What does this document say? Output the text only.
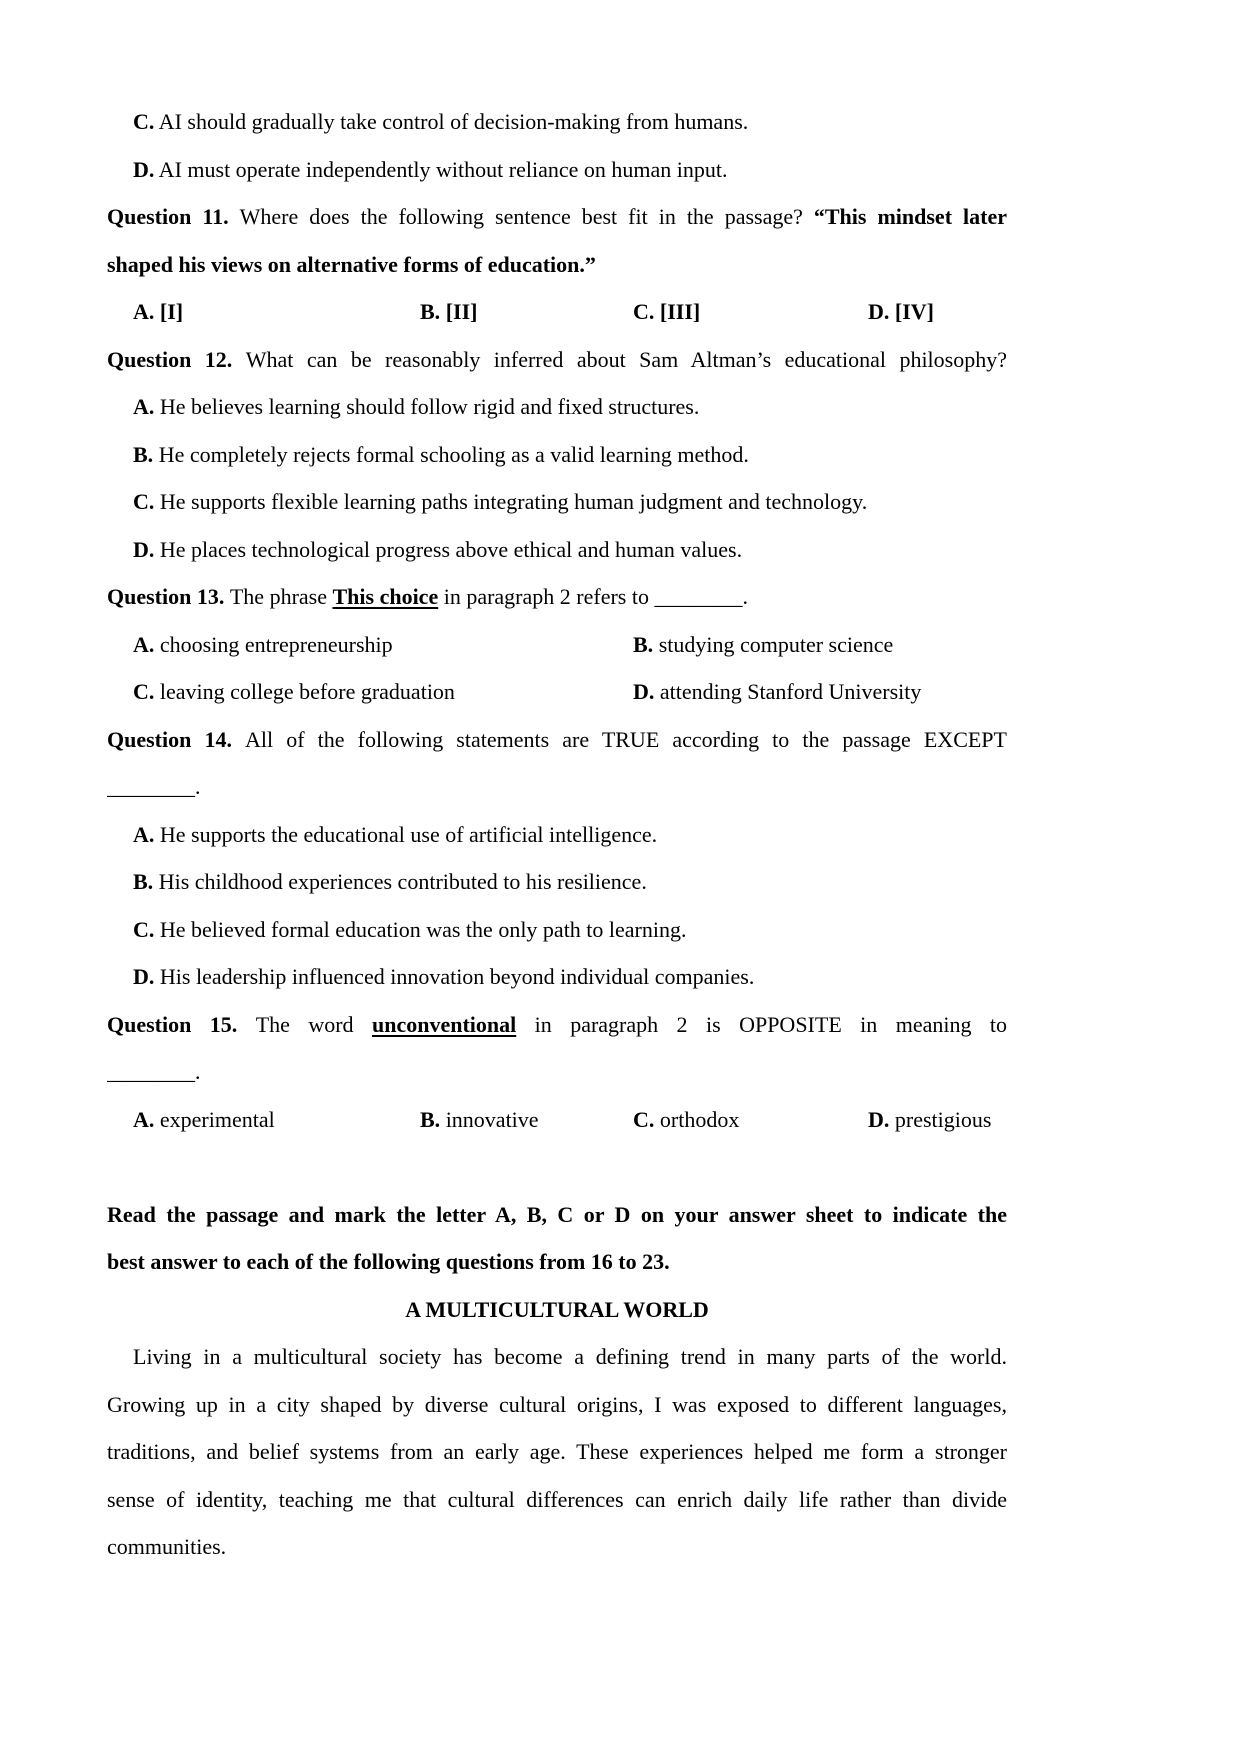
C. AI should gradually take control of decision-making from humans.
D. AI must operate independently without reliance on human input.
Question 11. Where does the following sentence best fit in the passage? “This mindset later
shaped his views on alternative forms of education.”
A. [I]	B. [II]	C. [III]	D. [IV]
Question 12. What can be reasonably inferred about Sam Altman’s educational philosophy?
A. He believes learning should follow rigid and fixed structures.
B. He completely rejects formal schooling as a valid learning method.
C. He supports flexible learning paths integrating human judgment and technology.
D. He places technological progress above ethical and human values.
Question 13. The phrase This choice in paragraph 2 refers to ________.
A. choosing entrepreneurship	B. studying computer science
C. leaving college before graduation	D. attending Stanford University
Question 14. All of the following statements are TRUE according to the passage EXCEPT
________.
A. He supports the educational use of artificial intelligence.
B. His childhood experiences contributed to his resilience.
C. He believed formal education was the only path to learning.
D. His leadership influenced innovation beyond individual companies.
Question 15. The word unconventional in paragraph 2 is OPPOSITE in meaning to
________.
A. experimental	B. innovative	C. orthodox	D. prestigious
Read the passage and mark the letter A, B, C or D on your answer sheet to indicate the
best answer to each of the following questions from 16 to 23.
A MULTICULTURAL WORLD
Living in a multicultural society has become a defining trend in many parts of the world.
Growing up in a city shaped by diverse cultural origins, I was exposed to different languages,
traditions, and belief systems from an early age. These experiences helped me form a stronger
sense of identity, teaching me that cultural differences can enrich daily life rather than divide
communities.
